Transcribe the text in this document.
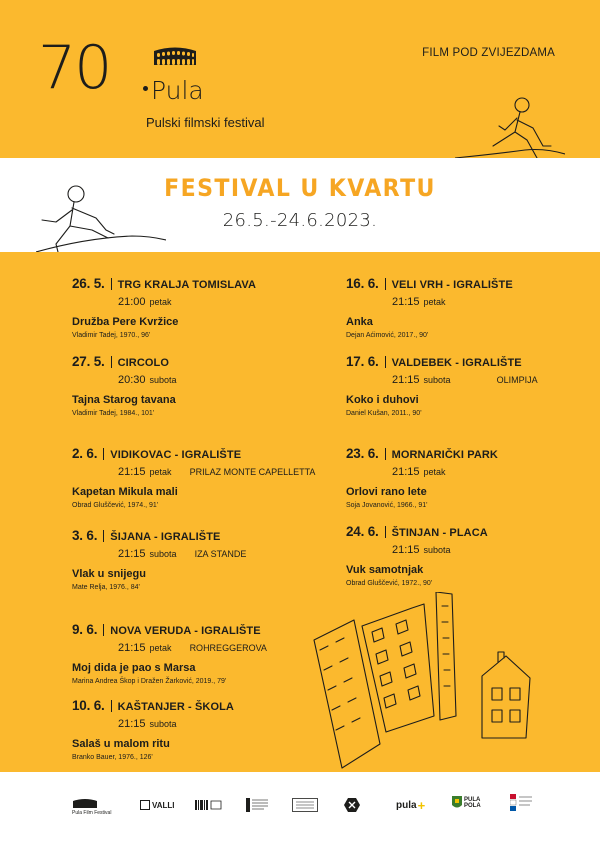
70 Pula
Pulski filmski festival
FILM POD ZVIJEZDAMA
FESTIVAL U KVARTU
26.5.-24.6.2023.
26. 5. TRG KRALJA TOMISLAVA
21:00 petak
Družba Pere Kvržice
Vladimir Tadej, 1970., 96'
27. 5. CIRCOLO
20:30 subota
Tajna Starog tavana
Vladimir Tadej, 1984., 101'
2. 6. VIDIKOVAC - IGRALIŠTE
21:15 petak PRILAZ MONTE CAPELLETTA
Kapetan Mikula mali
Obrad Gluščević, 1974., 91'
3. 6. ŠIJANA - IGRALIŠTE
21:15 subota IZA STANDE
Vlak u snijegu
Mate Relja, 1976., 84'
9. 6. NOVA VERUDA - IGRALIŠTE
21:15 petak ROHREGGEROVA
Moj dida je pao s Marsa
Marina Andrea Škop i Dražen Žarković, 2019., 79'
10. 6. KAŠTANJER - ŠKOLA
21:15 subota
Salaš u malom ritu
Branko Bauer, 1976., 126'
16. 6. VELI VRH - IGRALIŠTE
21:15 petak
Anka
Dejan Aćimović, 2017., 90'
17. 6. VALDEBEK - IGRALIŠTE
21:15 subota	OLIMPIJA
Koko i duhovi
Daniel Kušan, 2011., 90'
23. 6. MORNARIČKI PARK
21:15 petak
Orlovi rano lete
Soja Jovanović, 1966., 91'
24. 6. ŠTINJAN - PLACA
21:15 subota
Vuk samotnjak
Obrad Gluščević, 1972., 90'
Pula Film Festival
VALLI	pula +	PULA
POLA
